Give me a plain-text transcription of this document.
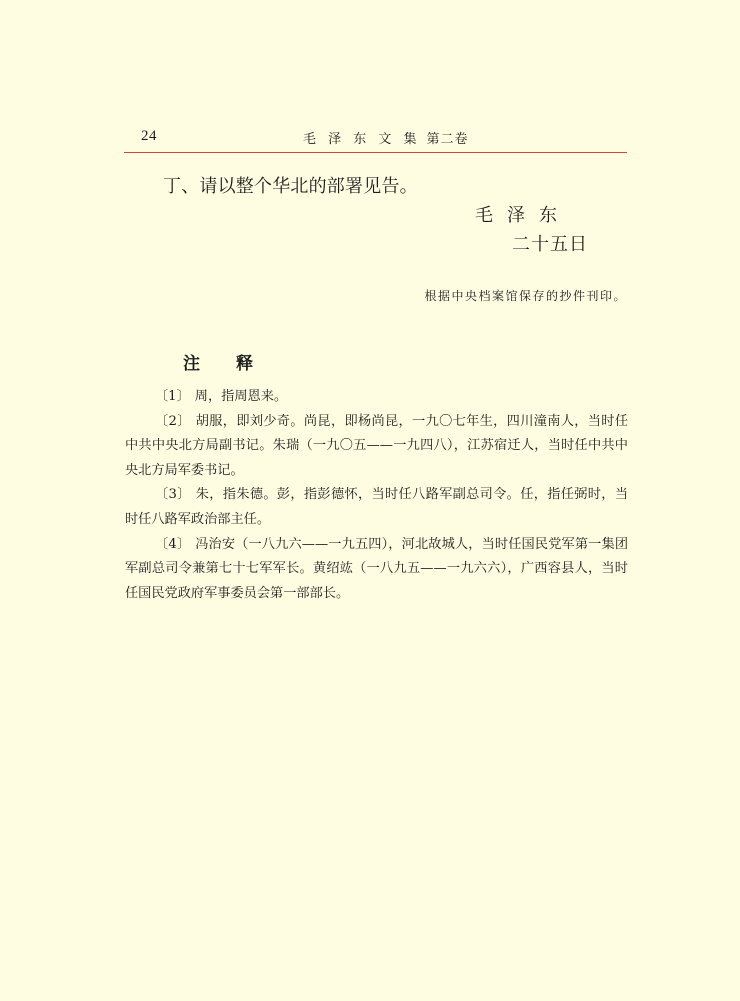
24	毛 泽 东 文 集 第二卷
丁、请以整个华北的部署见告。
毛泽东
二十五日
根据中央档案馆保存的抄件刊印。
注释

〔1〕 周，指周恩来。

〔2〕 胡服，即刘少奇。尚昆，即杨尚昆，一九〇七年生，四川潼南人，当时任中共中央北方局副书记。朱瑞（一九〇五——一九四八），江苏宿迁人，当时任中共中央北方局军委书记。

〔3〕 朱，指朱德。彭，指彭德怀，当时任八路军副总司令。任，指任弼时，当时任八路军政治部主任。

〔4〕 冯治安（一八九六——一九五四），河北故城人，当时任国民党军第一集团军副总司令兼第七十七军军长。黄绍竑（一八九五——一九六六），广西容县人，当时任国民党政府军事委员会第一部部长。
